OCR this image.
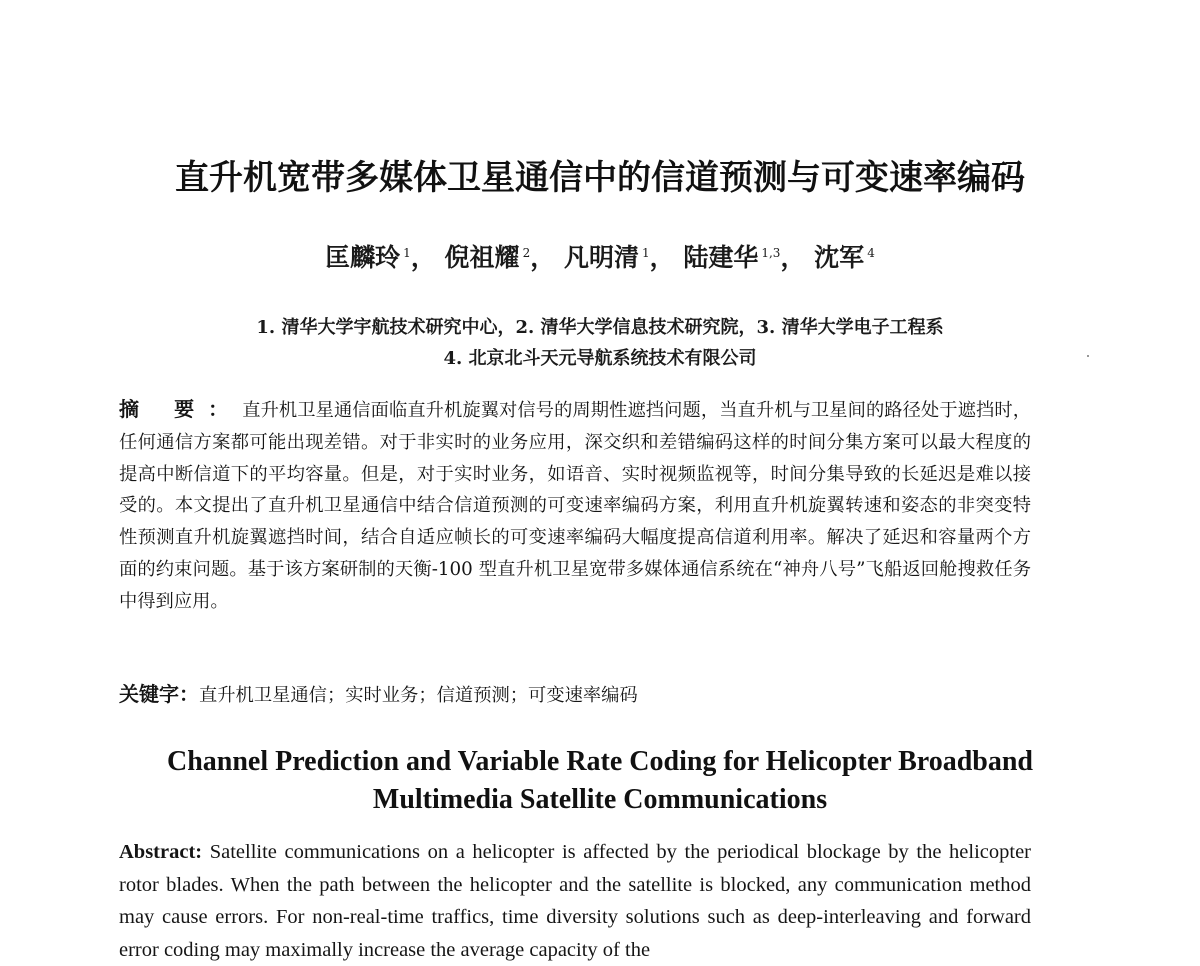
直升机宽带多媒体卫星通信中的信道预测与可变速率编码
匡麟玲 $^1$， 倪祖耀 $^2$， 凡明清 $^1$， 陆建华 $^{1,3}$， 沈军 $^4$
1. 清华大学宇航技术研究中心，2. 清华大学信息技术研究院，3. 清华大学电子工程系
4. 北京北斗天元导航系统技术有限公司
摘 要：直升机卫星通信面临直升机旋翼对信号的周期性遮挡问题，当直升机与卫星间的路径处于遮挡时，任何通信方案都可能出现差错。对于非实时的业务应用，深交织和差错编码这样的时间分集方案可以最大程度的提高中断信道下的平均容量。但是，对于实时业务，如语音、实时视频监视等，时间分集导致的长延迟是难以接受的。本文提出了直升机卫星通信中结合信道预测的可变速率编码方案，利用直升机旋翼转速和姿态的非突变特性预测直升机旋翼遮挡时间，结合自适应帧长的可变速率编码大幅度提高信道利用率。解决了延迟和容量两个方面的约束问题。基于该方案研制的天衡-100 型直升机卫星宽带多媒体通信系统在“神舟八号”飞船返回舱搜救任务中得到应用。
关键字：直升机卫星通信；实时业务；信道预测；可变速率编码
Channel Prediction and Variable Rate Coding for Helicopter Broadband
Multimedia Satellite Communications
Abstract: Satellite communications on a helicopter is affected by the periodical blockage by the helicopter rotor blades. When the path between the helicopter and the satellite is blocked, any communication method may cause errors. For non-real-time traffics, time diversity solutions such as deep-interleaving and forward error coding may maximally increase the average capacity of the
